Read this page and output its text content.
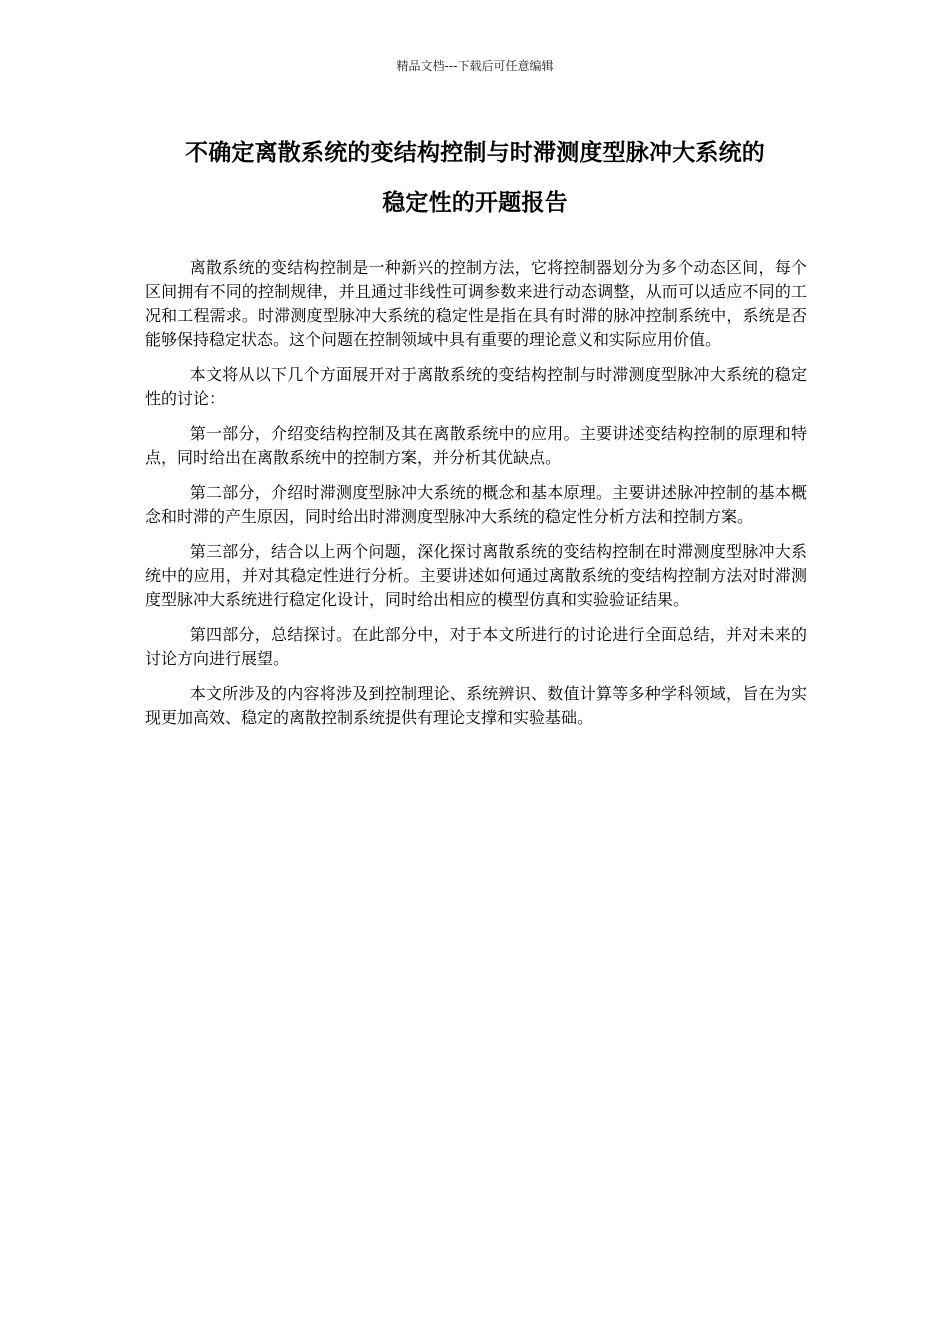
精品文档---下载后可任意编辑
不确定离散系统的变结构控制与时滞测度型脉冲大系统的
稳定性的开题报告

离散系统的变结构控制是一种新兴的控制方法，它将控制器划分为多个动态区间，每个区间拥有不同的控制规律，并且通过非线性可调参数来进行动态调整，从而可以适应不同的工况和工程需求。时滞测度型脉冲大系统的稳定性是指在具有时滞的脉冲控制系统中，系统是否能够保持稳定状态。这个问题在控制领域中具有重要的理论意义和实际应用价值。

本文将从以下几个方面展开对于离散系统的变结构控制与时滞测度型脉冲大系统的稳定性的讨论：

第一部分，介绍变结构控制及其在离散系统中的应用。主要讲述变结构控制的原理和特点，同时给出在离散系统中的控制方案，并分析其优缺点。

第二部分，介绍时滞测度型脉冲大系统的概念和基本原理。主要讲述脉冲控制的基本概念和时滞的产生原因，同时给出时滞测度型脉冲大系统的稳定性分析方法和控制方案。

第三部分，结合以上两个问题，深化探讨离散系统的变结构控制在时滞测度型脉冲大系统中的应用，并对其稳定性进行分析。主要讲述如何通过离散系统的变结构控制方法对时滞测度型脉冲大系统进行稳定化设计，同时给出相应的模型仿真和实验验证结果。

第四部分，总结探讨。在此部分中，对于本文所进行的讨论进行全面总结，并对未来的讨论方向进行展望。

本文所涉及的内容将涉及到控制理论、系统辨识、数值计算等多种学科领域，旨在为实现更加高效、稳定的离散控制系统提供有理论支撑和实验基础。
